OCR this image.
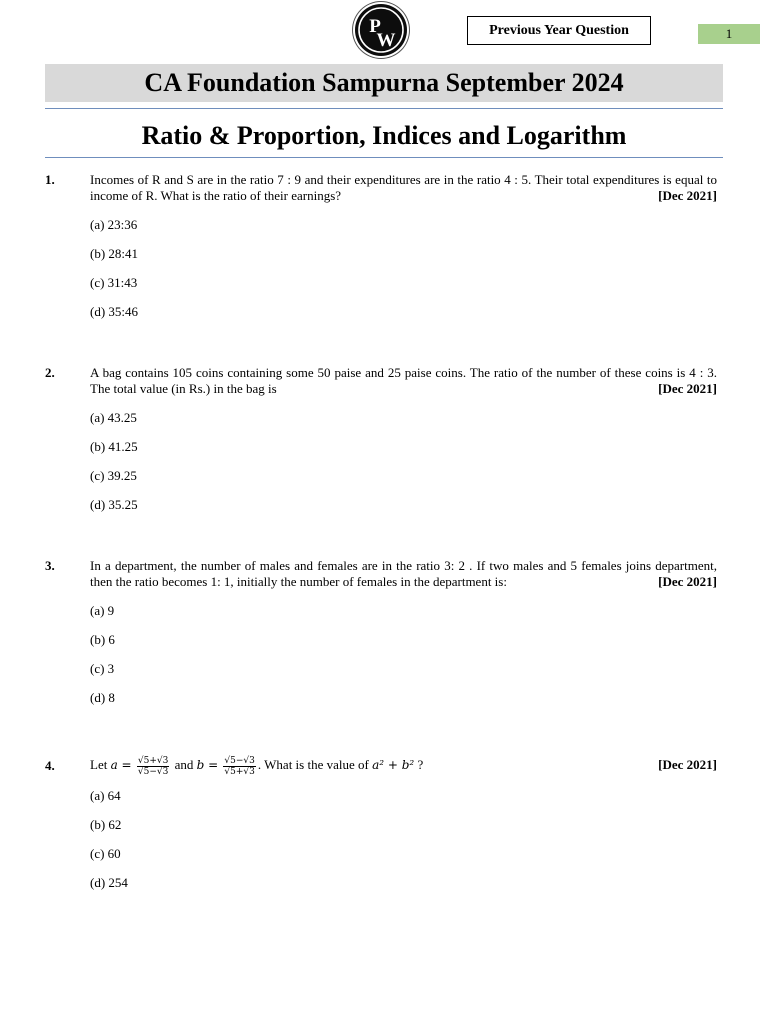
P
W	Previous Year Question	1
CA Foundation Sampurna September 2024
Ratio & Proportion, Indices and Logarithm
1.	Incomes of R and S are in the ratio 7 : 9 and their expenditures are in the ratio 4 : 5. Their total expenditures is equal to income of R. What is the ratio of their earnings?	[Dec 2021]
(a) 23:36
(b) 28:41
(c) 31:43
(d) 35:46
2.	A bag contains 105 coins containing some 50 paise and 25 paise coins. The ratio of the number of these coins is 4 : 3. The total value (in Rs.) in the bag is	[Dec 2021]
(a) 43.25
(b) 41.25
(c) 39.25
(d) 35.25
3.	In a department, the number of males and females are in the ratio 3: 2 . If two males and 5 females joins department, then the ratio becomes 1: 1, initially the number of females in the department is:	[Dec 2021]
(a) 9
(b) 6
(c) 3
(d) 8
4.	Let $a = \frac{√5+√3}{√5-√3}$ and $b = \frac{√5-√3}{√5+√3}$ . What is the value of a² + b² ?	[Dec 2021]
(a) 64
(b) 62
(c) 60
(d) 254
